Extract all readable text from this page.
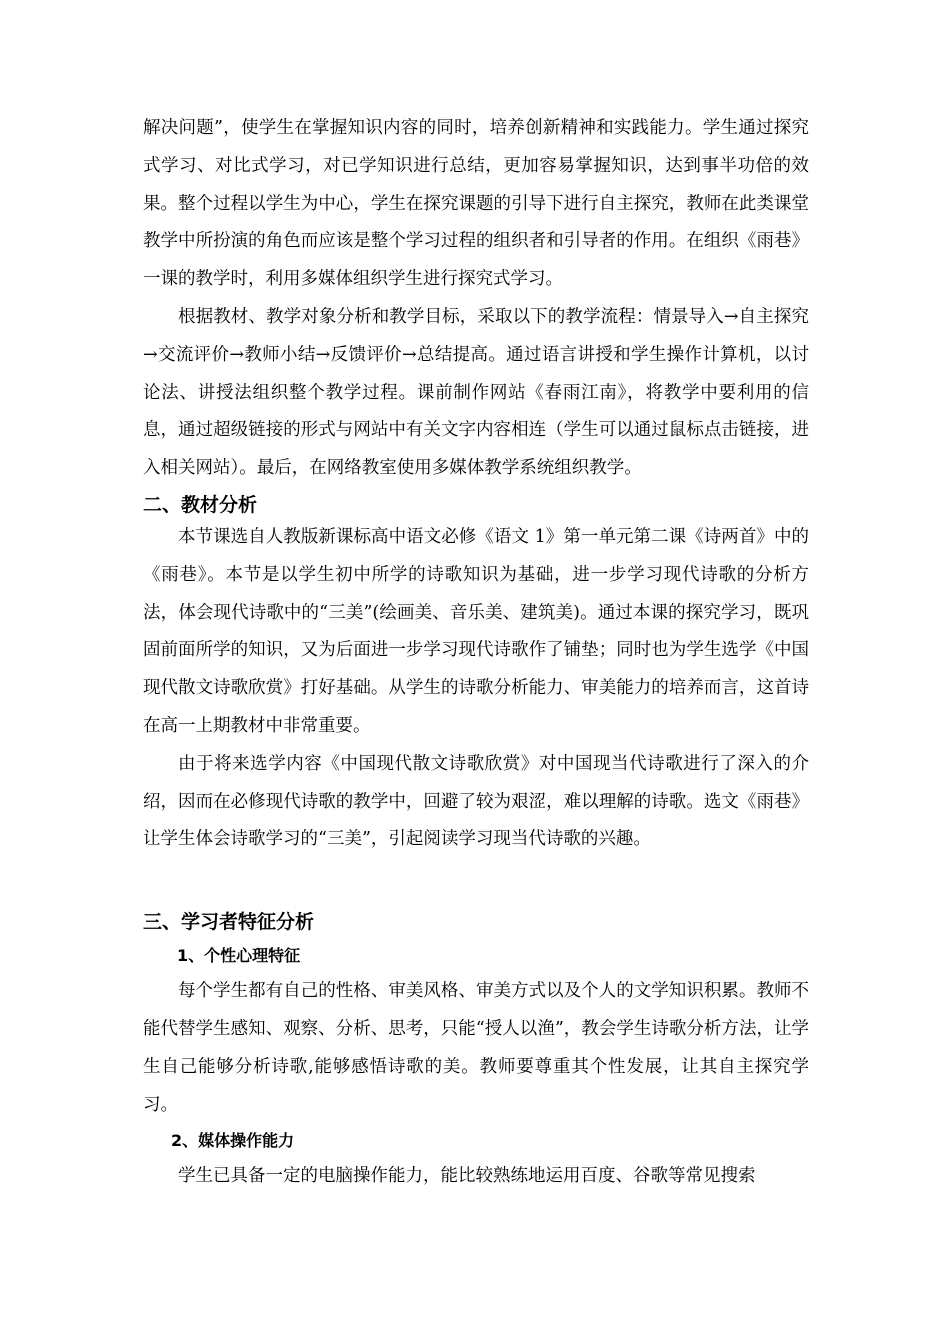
解决问题”，使学生在掌握知识内容的同时，培养创新精神和实践能力。学生通过探究式学习、对比式学习，对已学知识进行总结，更加容易掌握知识，达到事半功倍的效果。整个过程以学生为中心，学生在探究课题的引导下进行自主探究，教师在此类课堂教学中所扮演的角色而应该是整个学习过程的组织者和引导者的作用。在组织《雨巷》一课的教学时，利用多媒体组织学生进行探究式学习。

根据教材、教学对象分析和教学目标，采取以下的教学流程：情景导入→自主探究→交流评价→教师小结→反馈评价→总结提高。通过语言讲授和学生操作计算机，以讨论法、讲授法组织整个教学过程。课前制作网站《春雨江南》，将教学中要利用的信息，通过超级链接的形式与网站中有关文字内容相连（学生可以通过鼠标点击链接，进入相关网站）。最后，在网络教室使用多媒体教学系统组织教学。

二、教材分析

本节课选自人教版新课标高中语文必修《语文 1》第一单元第二课《诗两首》中的《雨巷》。本节是以学生初中所学的诗歌知识为基础，进一步学习现代诗歌的分析方法，体会现代诗歌中的“三美”(绘画美、音乐美、建筑美)。通过本课的探究学习，既巩固前面所学的知识，又为后面进一步学习现代诗歌作了铺垫；同时也为学生选学《中国现代散文诗歌欣赏》打好基础。从学生的诗歌分析能力、审美能力的培养而言，这首诗在高一上期教材中非常重要。

由于将来选学内容《中国现代散文诗歌欣赏》对中国现当代诗歌进行了深入的介绍，因而在必修现代诗歌的教学中，回避了较为艰涩，难以理解的诗歌。选文《雨巷》让学生体会诗歌学习的“三美”，引起阅读学习现当代诗歌的兴趣。

三、学习者特征分析
1、个性心理特征

每个学生都有自己的性格、审美风格、审美方式以及个人的文学知识积累。教师不能代替学生感知、观察、分析、思考，只能“授人以渔”，教会学生诗歌分析方法，让学生自己能够分析诗歌,能够感悟诗歌的美。教师要尊重其个性发展，让其自主探究学习。

2、媒体操作能力

学生已具备一定的电脑操作能力，能比较熟练地运用百度、谷歌等常见搜索
